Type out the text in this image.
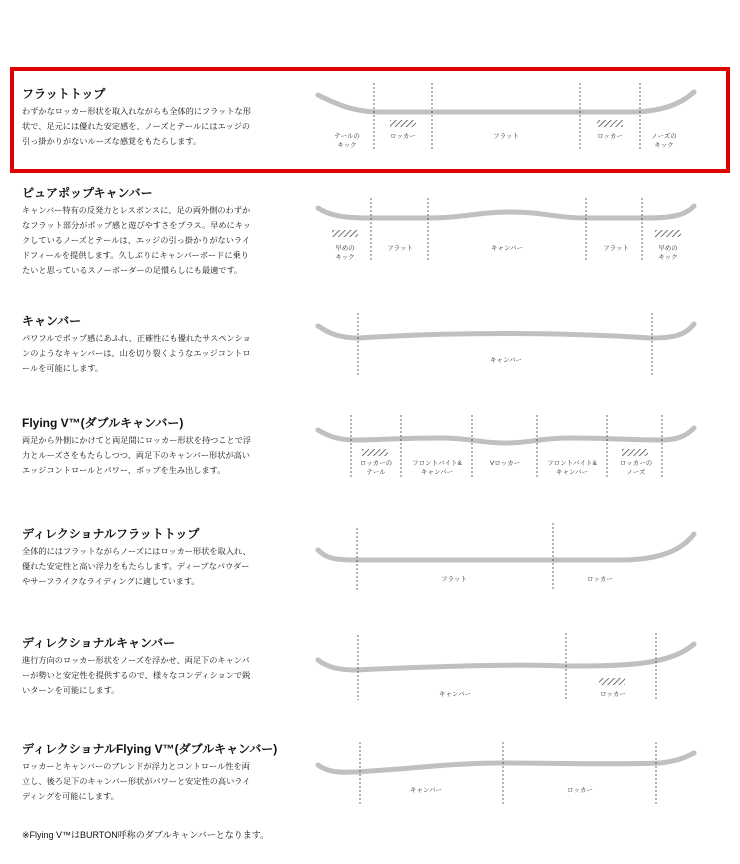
フラットトップ

わずかなロッカー形状を取入れながらも全体的にフラットな形状で、足元には優れた安定感を、ノーズとテールにはエッジの引っ掛かりがないルーズな感覚をもたらします。

テールの
キック
ロッカー	フラット	ロッカー	ノーズの
キック
ピュアポップキャンバー

キャンバー特有の反発力とレスポンスに、足の両外側のわずかなフラット部分がポップ感と遊びやすさをプラス。早めにキックしているノーズとテールは、エッジの引っ掛かりがないライドフィールを提供します。久しぶりにキャンバーボードに乗りたいと思っているスノーボーダーの足慣らしにも最適です。

早めの
キック
フラット	キャンバー	フラット	早めの
キック
キャンバー

パワフルでポップ感にあふれ、正確性にも優れたサスペンションのようなキャンバーは、山を切り裂くようなエッジコントロールを可能にします。

キャンバー
Flying V™(ダブルキャンバー)

両足から外側にかけてと両足間にロッカー形状を持つことで浮力とルーズさをもたらしつつ、両足下のキャンバー形状が高いエッジコントロールとパワー、ポップを生み出します。

ロッカーの
テール
フロントバイト&
キャンバー
Vロッカー	フロントバイト&
キャンバー
ロッカーの
ノーズ
ディレクショナルフラットトップ

全体的にはフラットながらノーズにはロッカー形状を取入れ、優れた安定性と高い浮力をもたらします。ディープなパウダーやサーフライクなライディングに適しています。	フラット	ロッカー
ディレクショナルキャンバー

進行方向のロッカー形状をノーズを浮かせ、両足下のキャンバーが勢いと安定性を提供するので、様々なコンディションで鋭いターンを可能にします。	キャンバー	ロッカー
ディレクショナルFlying V™(ダブルキャンバー)

ロッカーとキャンバーのブレンドが浮力とコントロール性を両立し、後ろ足下のキャンバー形状がパワーと安定性の高いライディングを可能にします。

キャンバー	ロッカー
※Flying V™はBURTON呼称のダブルキャンバーとなります。
